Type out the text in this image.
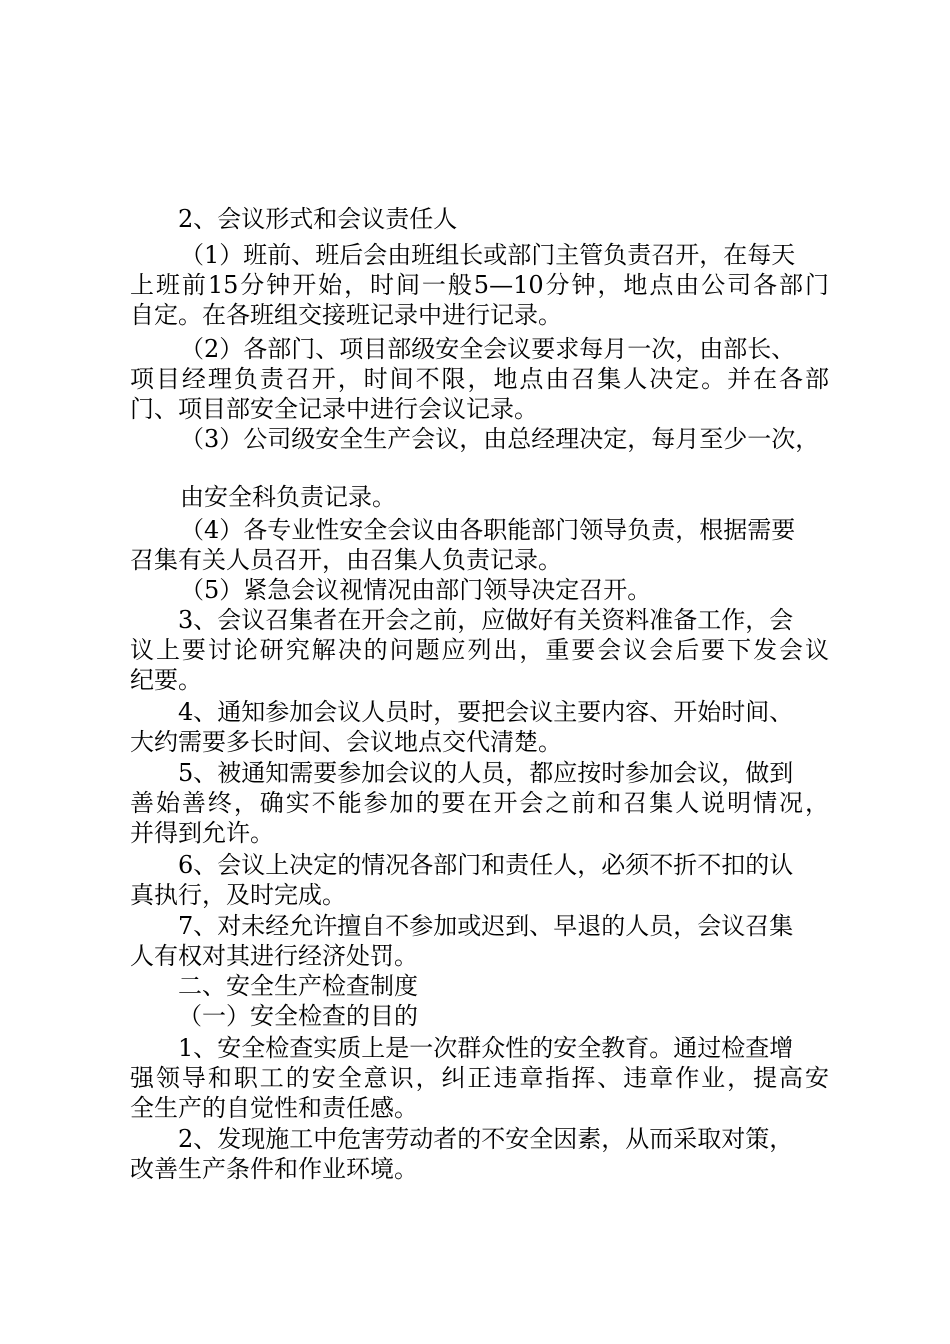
2、会议形式和会议责任人
（1）班前、班后会由班组长或部门主管负责召开，在每天
上班前15分钟开始，时间一般5—10分钟，地点由公司各部门
自定。在各班组交接班记录中进行记录。
（2）各部门、项目部级安全会议要求每月一次，由部长、
项目经理负责召开，时间不限，地点由召集人决定。并在各部
门、项目部安全记录中进行会议记录。
（3）公司级安全生产会议，由总经理决定，每月至少一次，
由安全科负责记录。
（4）各专业性安全会议由各职能部门领导负责，根据需要
召集有关人员召开，由召集人负责记录。
（5）紧急会议视情况由部门领导决定召开。
3、会议召集者在开会之前，应做好有关资料准备工作，会
议上要讨论研究解决的问题应列出，重要会议会后要下发会议
纪要。
4、通知参加会议人员时，要把会议主要内容、开始时间、
大约需要多长时间、会议地点交代清楚。
5、被通知需要参加会议的人员，都应按时参加会议，做到
善始善终，确实不能参加的要在开会之前和召集人说明情况，
并得到允许。
6、会议上决定的情况各部门和责任人，必须不折不扣的认
真执行，及时完成。
7、对未经允许擅自不参加或迟到、早退的人员，会议召集
人有权对其进行经济处罚。
二、安全生产检查制度
（一）安全检查的目的
1、安全检查实质上是一次群众性的安全教育。通过检查增
强领导和职工的安全意识，纠正违章指挥、违章作业，提高安
全生产的自觉性和责任感。
2、发现施工中危害劳动者的不安全因素，从而采取对策，
改善生产条件和作业环境。
